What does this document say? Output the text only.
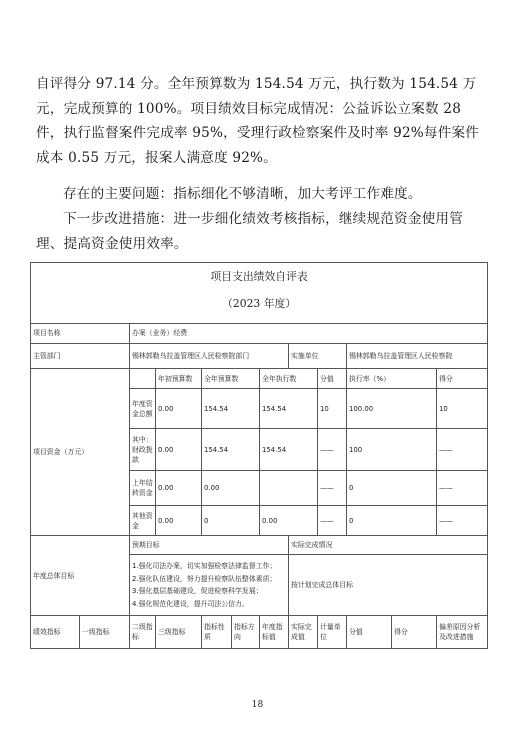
自评得分 97.14 分。全年预算数为 154.54 万元，执行数为 154.54 万元，完成预算的 100%。项目绩效目标完成情况：公益诉讼立案数 28 件，执行监督案件完成率 95%，受理行政检察案件及时率 92%每件案件成本 0.55 万元，报案人满意度 92%。

存在的主要问题：指标细化不够清晰，加大考评工作难度。

下一步改进措施：进一步细化绩效考核指标，继续规范资金使用管理、提高资金使用效率。

项目支出绩效自评表
（2023 年度）											

项目名称		办案（业务）经费									
主管部门		锡林郭勒乌拉盖管理区人民检察院部门					实施单位		锡林郭勒乌拉盖管理区人民检察院		
项目资金（万元）			年初预算数	全年预算数		全年执行数		分值	执行率（%）		得分
		年度资金总额	0.00	154.54		154.54		10	100.00		10
		其中：财政拨款	0.00	154.54		154.54		——	100		——
		上年结转资金	0.00	0.00				——	0		——
		其他资金	0.00	0		0.00		——	0		——
年度总体目标		预期目标					实际完成情况				

		1.强化司法办案，切实加强检察法律监督工作；
2.强化队伍建设，努力提升检察队伍整体素质；
3.强化基层基础建设，促进检察科学发展；
4.强化规范化建设，提升司法公信力。					按计划完成总体目标				
绩效指标	一级指标	二级指标	三级指标	指标性质	指标方向	年度指标值	实际完成值	计量单位	分值	得分	偏差原因分析及改进措施
18
